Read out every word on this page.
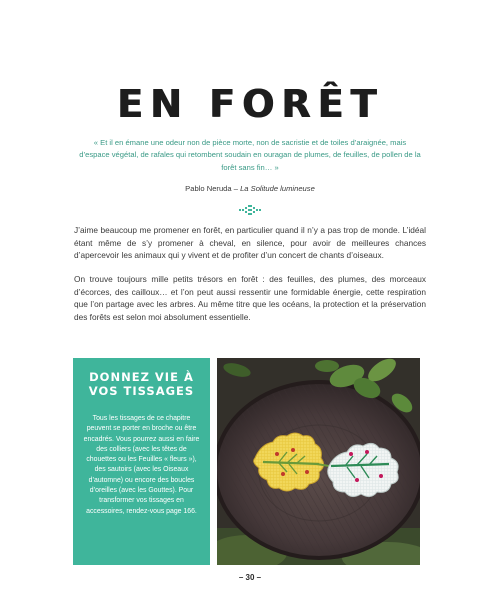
EN FORÊT

« Et il en émane une odeur non de pièce morte, non de sacristie et de toiles d’araignée, mais d’espace végétal, de rafales qui retombent soudain en ouragan de plumes, de feuilles, de pollen de la forêt sans fin… »

Pablo Neruda – La Solitude lumineuse

J’aime beaucoup me promener en forêt, en particulier quand il n’y a pas trop de monde. L’idéal étant même de s’y promener à cheval, en silence, pour avoir de meilleures chances d’apercevoir les animaux qui y vivent et de profiter d’un concert de chants d’oiseaux.

On trouve toujours mille petits trésors en forêt : des feuilles, des plumes, des morceaux d’écorces, des cailloux… et l’on peut aussi ressentir une formidable énergie, cette respiration que l’on partage avec les arbres. Au même titre que les océans, la protection et la préservation des forêts est selon moi absolument essentielle.

DONNEZ VIE À
VOS TISSAGES

Tous les tissages de ce chapitre peuvent se porter en broche ou être encadrés. Vous pourrez aussi en faire des colliers (avec les têtes de chouettes ou les Feuilles « fleurs »), des sautoirs (avec les Oiseaux d’automne) ou encore des boucles d’oreilles (avec les Gouttes). Pour transformer vos tissages en accessoires, rendez-vous page 166.

– 30 –
